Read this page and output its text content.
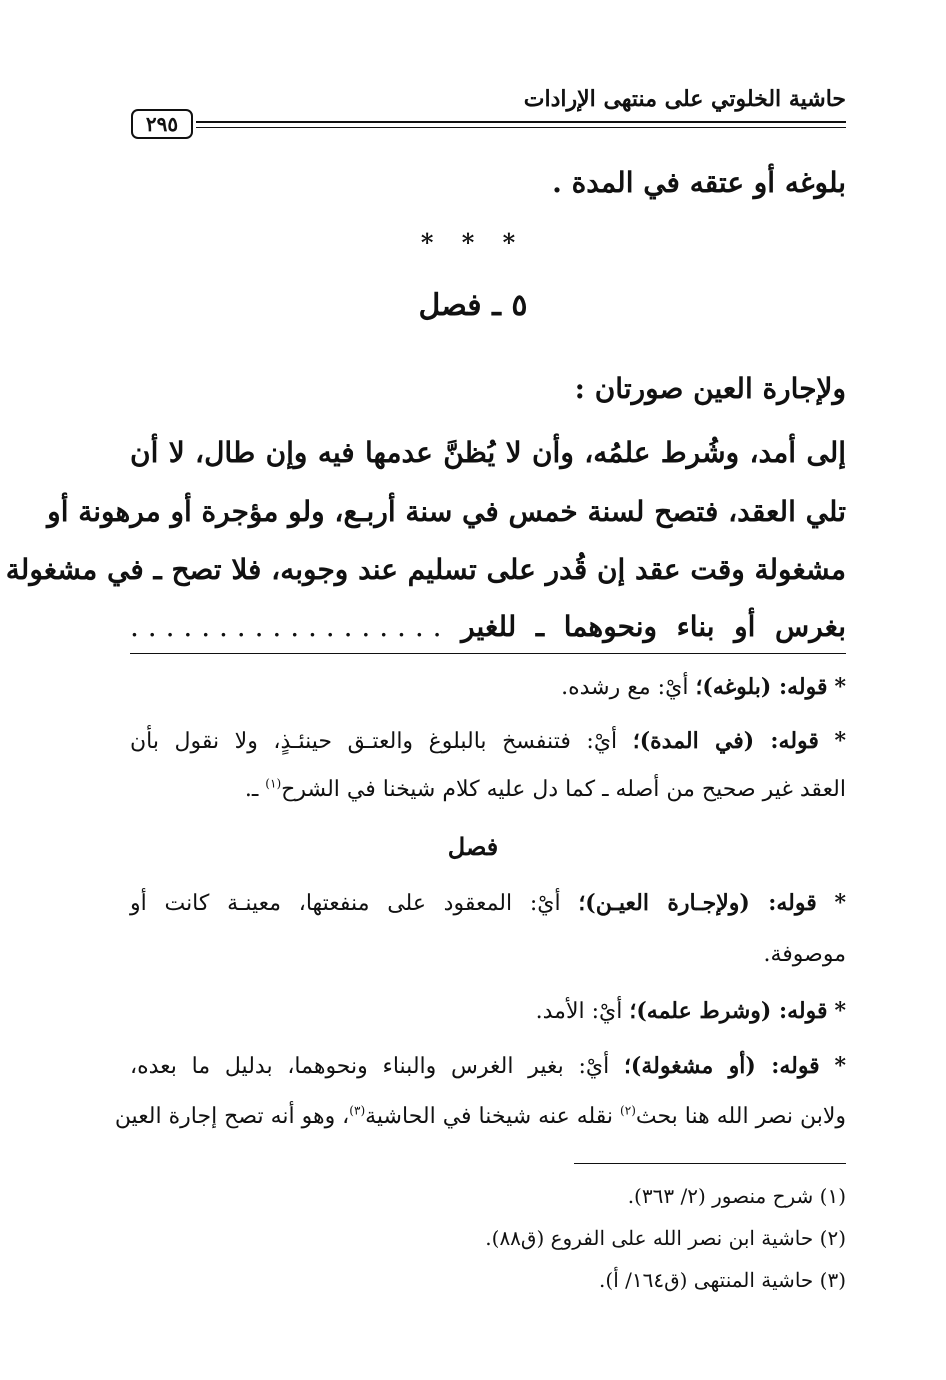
حاشية الخلوتي على منتهى الإرادات
٢٩٥
بلوغه أو عتقه في المدة .
* * *
٥ ـ فصل
ولإجارة العين صورتان :
إلى أمد، وشُرط علمُه، وأن لا يُظنَّ عدمها فيه وإن طال، لا أن
تلي العقد، فتصح لسنة خمس في سنة أربـع، ولو مؤجرة أو مرهونة أو
مشغولة وقت عقد إن قُدر على تسليم عند وجوبه، فلا تصح ـ في مشغولة
بغرس أو بناء ونحوهما ـ للغير . . . . . . . . . . . . . . . . . .
* قوله: (بلوغه)؛ أيْ: مع رشده.
* قوله: (في المدة)؛ أيْ: فتنفسخ بالبلوغ والعتـق حينئـذٍ، ولا نقول بأن
العقد غير صحيح من أصله ـ كما دل عليه كلام شيخنا في الشرح$^{(١)}$ ـ.
فصل
* قوله: (ولإجـارة العيـن)؛ أيْ: المعقود على منفعتها، معينـة كانت أو
موصوفة.
* قوله: (وشرط علمه)؛ أيْ: الأمد.
* قوله: (أو مشغولة)؛ أيْ: بغير الغرس والبناء ونحوهما، بدليل ما بعده،
ولابن نصر الله هنا بحث$^{(٢)}$ نقله عنه شيخنا في الحاشية$^{(٣)}$، وهو أنه تصح إجارة العين
(١) شرح منصور (٢/ ٣٦٣).
(٢) حاشية ابن نصر الله على الفروع (ق٨٨).
(٣) حاشية المنتهى (ق١٦٤/ أ).
